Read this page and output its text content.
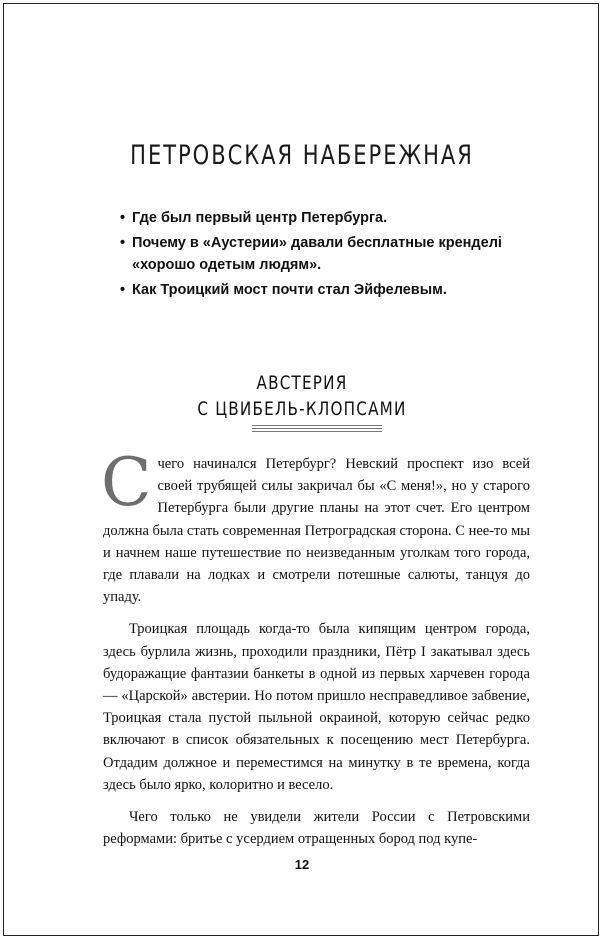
ПЕТРОВСКАЯ НАБЕРЕЖНАЯ
• Где был первый центр Петербурга.
• Почему в «Аустерии» давали бесплатные кренделі «хорошо одетым людям».
• Как Троицкий мост почти стал Эйфелевым.
АВСТЕРИЯ
С ЦВИБЕЛЬ-КЛОПСАМИ

Счего начинался Петербург? Невский проспект изо всей своей трубящей силы закричал бы «С меня!», но у старого Петербурга были другие планы на этот счет. Его центром должна была стать современная Петроградская сторона. С нее-то мы и начнем наше путешествие по неизведанным уголкам того города, где плавали на лодках и смотрели потешные салюты, танцуя до упаду.

Троицкая площадь когда-то была кипящим центром города, здесь бурлила жизнь, проходили праздники, Пётр I закатывал здесь будоражащие фантазии банкеты в одной из первых харчевен города — «Царской» австерии. Но потом пришло несправедливое забвение, Троицкая стала пустой пыльной окраиной, которую сейчас редко включают в список обязательных к посещению мест Петербурга. Отдадим должное и переместимся на минутку в те времена, когда здесь было ярко, колоритно и весело.

Чего только не увидели жители России с Петровскими реформами: бритье с усердием отращенных бород под купе-

12
